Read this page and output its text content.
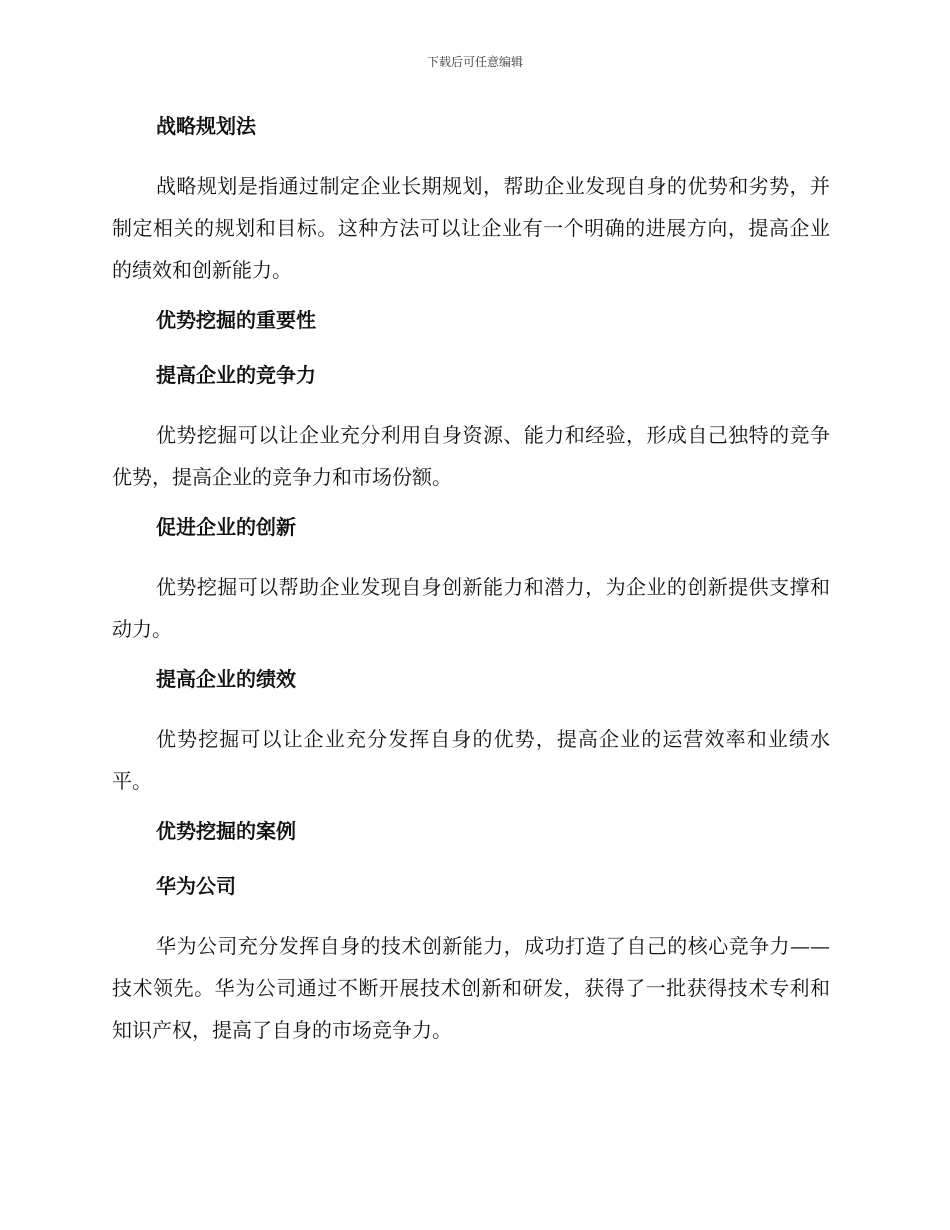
下载后可任意编辑
战略规划法

战略规划是指通过制定企业长期规划，帮助企业发现自身的优势和劣势，并制定相关的规划和目标。这种方法可以让企业有一个明确的进展方向，提高企业的绩效和创新能力。

优势挖掘的重要性
提高企业的竞争力

优势挖掘可以让企业充分利用自身资源、能力和经验，形成自己独特的竞争优势，提高企业的竞争力和市场份额。

促进企业的创新

优势挖掘可以帮助企业发现自身创新能力和潜力，为企业的创新提供支撑和动力。

提高企业的绩效

优势挖掘可以让企业充分发挥自身的优势，提高企业的运营效率和业绩水平。

优势挖掘的案例
华为公司

华为公司充分发挥自身的技术创新能力，成功打造了自己的核心竞争力——技术领先。华为公司通过不断开展技术创新和研发，获得了一批获得技术专利和知识产权，提高了自身的市场竞争力。
